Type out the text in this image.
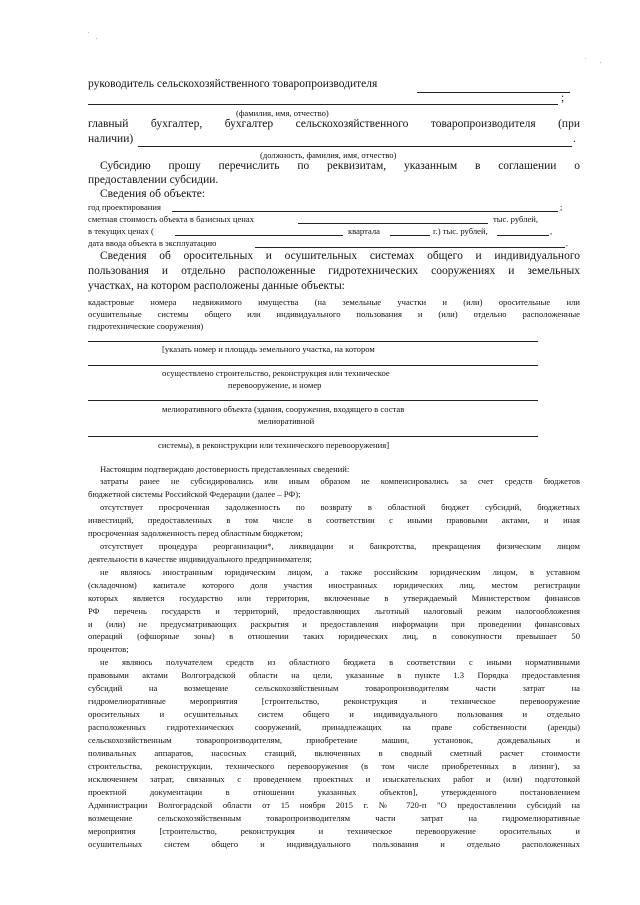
руководитель сельскохозяйственного товаропроизводителя
;
(фамилия, имя, отчество)
главный бухгалтер, бухгалтер сельскохозяйственного товаропроизводителя (при
наличии)	.
(должность, фамилия, имя, отчество)
Субсидию прошу перечислить по реквизитам, указанным в соглашении о
предоставлении субсидии.
Сведения об объекте:
год проектирования	;
сметная стоимость объекта в базисных ценах	тыс. рублей,
в текущих ценах (	квартала	г.) тыс. рублей,	,
дата ввода объекта в эксплуатацию	.
Сведения об оросительных и осушительных системах общего и индивидуального
пользования и отдельно расположенные гидротехнических сооружениях и земельных
участках, на котором расположены данные объекты:
кадастровые номера недвижимого имущества (на земельные участки и (или) оросительные или
осушительные системы общего или индивидуального пользования и (или) отдельно расположенные
гидротехнические сооружения)
[указать номер и площадь земельного участка, на котором
осуществлено строительство, реконструкция или техническое
перевооружение, и номер
мелиоративного объекта (здания, сооружения, входящего в состав
мелиоративной
системы), в реконструкции или технического перевооружения]
Настоящим подтверждаю достоверность представленных сведений:
затраты ранее не субсидировались или иным образом не компенсировались за счет средств бюджетов
бюджетной системы Российской Федерации (далее – РФ);
отсутствует просроченная задолженность по возврату в областной бюджет субсидий, бюджетных
инвестиций, предоставленных в том числе в соответствии с иными правовыми актами, и иная
просроченная задолженность перед областным бюджетом;
отсутствует процедура реорганизации*, ликвидации и банкротства, прекращения физическим лицом
деятельности в качестве индивидуального предпринимателя;
не являюсь иностранным юридическим лицом, а также российским юридическим лицом, в уставном
(складочном) капитале которого доля участия иностранных юридических лиц, местом регистрации
которых является государство или территория, включенные в утверждаемый Министерством финансов
РФ перечень государств и территорий, предоставляющих льготный налоговый режим налогообложения
и (или) не предусматривающих раскрытия и предоставления информации при проведении финансовых
операций (офшорные зоны) в отношении таких юридических лиц, в совокупности превышает 50
процентов;
не являюсь получателем средств из областного бюджета в соответствии с иными нормативными
правовыми актами Волгоградской области на цели, указанные в пункте 1.3 Порядка предоставления
субсидий на возмещение сельскохозяйственным товаропроизводителям части затрат на
гидромелиоративные мероприятия [строительство, реконструкция и техническое перевооружение
оросительных и осушительных систем общего и индивидуального пользования и отдельно
расположенных гидротехнических сооружений, принадлежащих на праве собственности (аренды)
сельскохозяйственным товаропроизводителям, приобретение машин, установок, дождевальных и
поливальных аппаратов, насосных станций, включенных в сводный сметный расчет стоимости
строительства, реконструкции, технического перевооружения (в том числе приобретенных в лизинг), за
исключением затрат, связанных с проведением проектных и изыскательских работ и (или) подготовкой
проектной документации в отношении указанных объектов], утвержденного постановлением
Администрации Волгоградской области от 15 ноября 2015 г. № 720-п "О предоставлении субсидий на
возмещение сельскохозяйственным товаропроизводителям части затрат на гидромелиоративные
мероприятия [строительство, реконструкция и техническое перевооружение оросительных и
осушительных систем общего и индивидуального пользования и отдельно расположенных
